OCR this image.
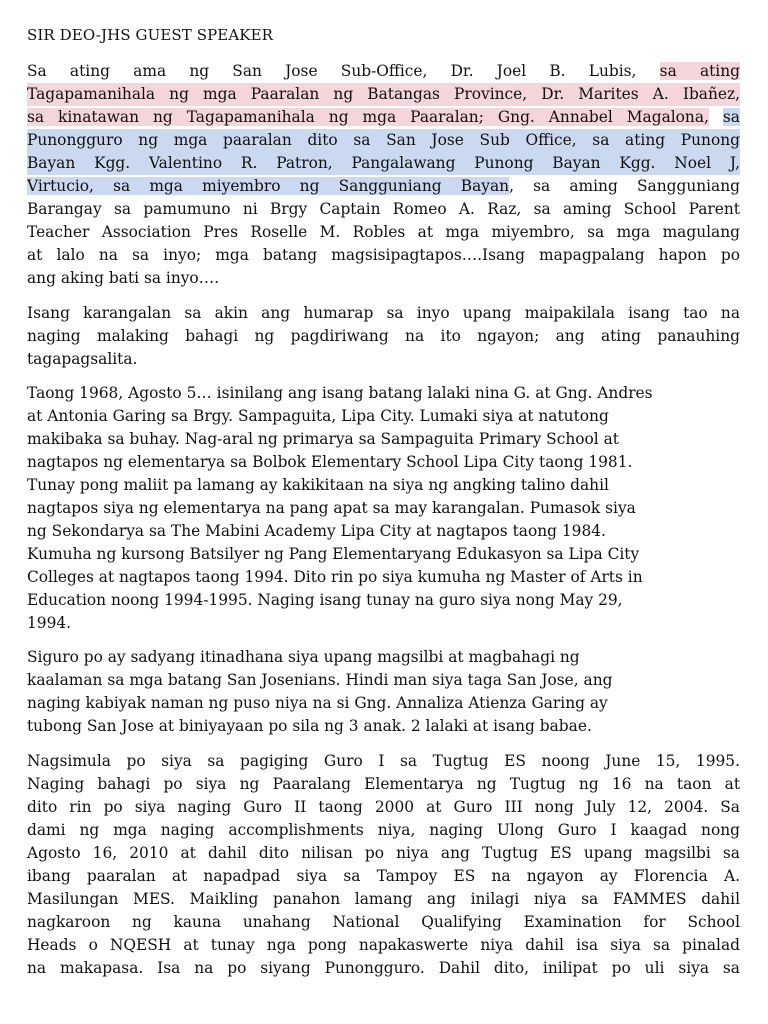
SIR DEO-JHS GUEST SPEAKER
Sa ating ama ng San Jose Sub-Office, Dr. Joel B. Lubis, sa ating
Tagapamanihala ng mga Paaralan ng Batangas Province, Dr. Marites A. Ibañez,
sa kinatawan ng Tagapamanihala ng mga Paaralan; Gng. Annabel Magalona, sa
Punongguro ng mga paaralan dito sa San Jose Sub Office, sa ating Punong
Bayan Kgg. Valentino R. Patron, Pangalawang Punong Bayan Kgg. Noel J,
Virtucio, sa mga miyembro ng Sangguniang Bayan, sa aming Sangguniang
Barangay sa pamumuno ni Brgy Captain Romeo A. Raz, sa aming School Parent
Teacher Association Pres Roselle M. Robles at mga miyembro, sa mga magulang
at lalo na sa inyo; mga batang magsisipagtapos….Isang mapagpalang hapon po
ang aking bati sa inyo….
Isang karangalan sa akin ang humarap sa inyo upang maipakilala isang tao na
naging malaking bahagi ng pagdiriwang na ito ngayon; ang ating panauhing
tagapagsalita.
Taong 1968, Agosto 5… isinilang ang isang batang lalaki nina G. at Gng. Andres
at Antonia Garing sa Brgy. Sampaguita, Lipa City. Lumaki siya at natutong
makibaka sa buhay. Nag-aral ng primarya sa Sampaguita Primary School at
nagtapos ng elementarya sa Bolbok Elementary School Lipa City taong 1981.
Tunay pong maliit pa lamang ay kakikitaan na siya ng angking talino dahil
nagtapos siya ng elementarya na pang apat sa may karangalan. Pumasok siya
ng Sekondarya sa The Mabini Academy Lipa City at nagtapos taong 1984.
Kumuha ng kursong Batsilyer ng Pang Elementaryang Edukasyon sa Lipa City
Colleges at nagtapos taong 1994. Dito rin po siya kumuha ng Master of Arts in
Education noong 1994-1995. Naging isang tunay na guro siya nong May 29,
1994.
Siguro po ay sadyang itinadhana siya upang magsilbi at magbahagi ng
kaalaman sa mga batang San Josenians. Hindi man siya taga San Jose, ang
naging kabiyak naman ng puso niya na si Gng. Annaliza Atienza Garing ay
tubong San Jose at biniyayaan po sila ng 3 anak. 2 lalaki at isang babae.
Nagsimula po siya sa pagiging Guro I sa Tugtug ES noong June 15, 1995.
Naging bahagi po siya ng Paaralang Elementarya ng Tugtug ng 16 na taon at
dito rin po siya naging Guro II taong 2000 at Guro III nong July 12, 2004. Sa
dami ng mga naging accomplishments niya, naging Ulong Guro I kaagad nong
Agosto 16, 2010 at dahil dito nilisan po niya ang Tugtug ES upang magsilbi sa
ibang paaralan at napadpad siya sa Tampoy ES na ngayon ay Florencia A.
Masilungan MES. Maikling panahon lamang ang inilagi niya sa FAMMES dahil
nagkaroon ng kauna unahang National Qualifying Examination for School
Heads o NQESH at tunay nga pong napakaswerte niya dahil isa siya sa pinalad
na makapasa. Isa na po siyang Punongguro. Dahil dito, inilipat po uli siya sa
